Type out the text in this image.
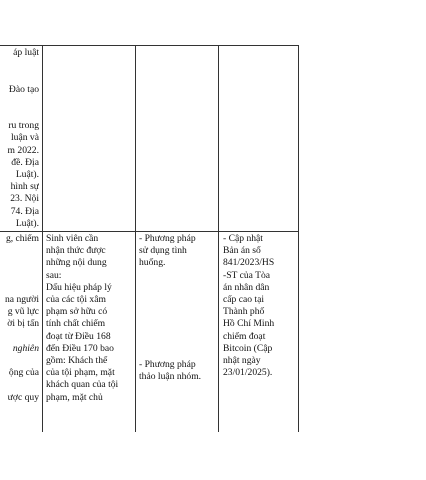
áp luật

Đào tạo

ru trong
luận và
m 2022.
đề. Địa
Luật).
hình sự
23. Nội
74. Địa
Luật).
g, chiếm

na người
g vũ lực
ời bị tấn

nghiên

ộng của

ược quy
Sinh viên cần
nhận thức được
những nội dung
sau:
Dấu hiệu pháp lý
của các tội xâm
phạm sở hữu có
tính chất chiếm
đoạt từ Điều 168
đến Điều 170 bao
gồm: Khách thể
của tội phạm, mặt
khách quan của tội
phạm, mặt chủ
- Phương pháp
sử dụng tình
huống.
- Phương pháp
thảo luận nhóm.
- Cập nhật
Bản án số
841/2023/HS
-ST của Tòa
án nhân dân
cấp cao tại
Thành phố
Hồ Chí Minh
chiếm đoạt
Bitcoin (Cập
nhật ngày
23/01/2025).
